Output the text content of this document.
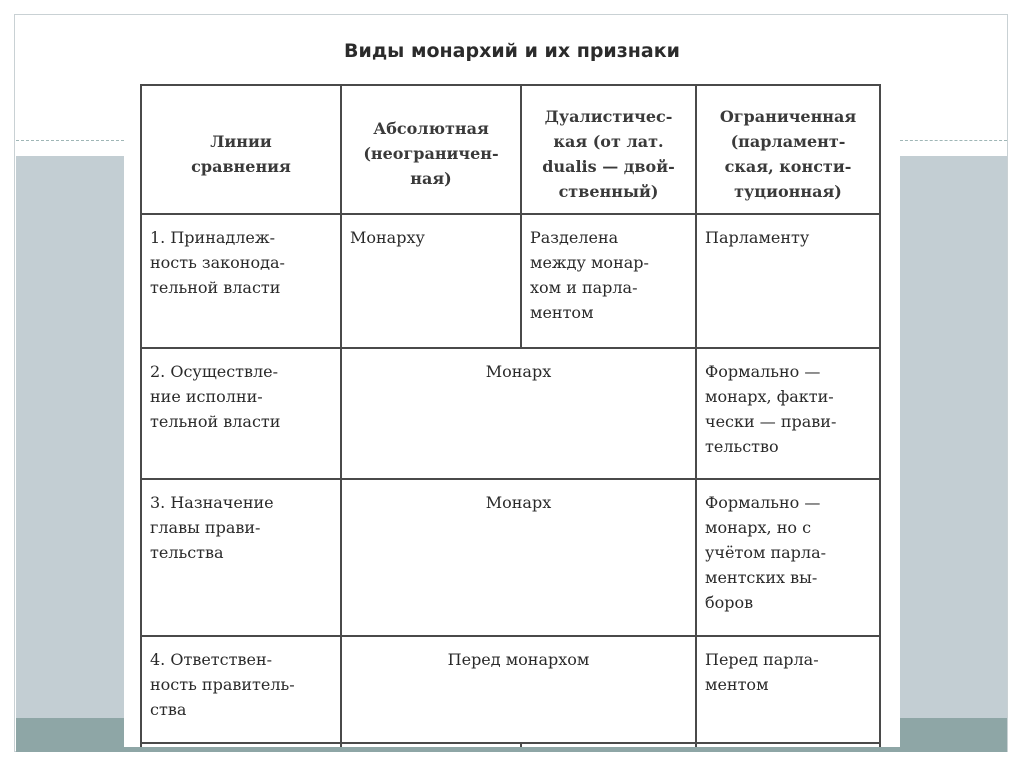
Виды монархий и их признаки
Линии
сравнения	Абсолютная
(неограничен-
ная)	Дуалистичес-
кая (от лат.
dualis — двой-
ственный)	Ограниченная
(парламент-
ская, консти-
туционная)
1. Принадлеж-
ность законода-
тельной власти	Монарху	Разделена
между монар-
хом и парла-
ментом	Парламенту
2. Осуществле-
ние исполни-
тельной власти	Монарх		Формально —
монарх, факти-
чески — прави-
тельство
3. Назначение
главы прави-
тельства	Монарх		Формально —
монарх, но с
учётом парла-
ментских вы-
боров
4. Ответствен-
ность правитель-
ства	Перед монархом		Перед парла-
ментом
